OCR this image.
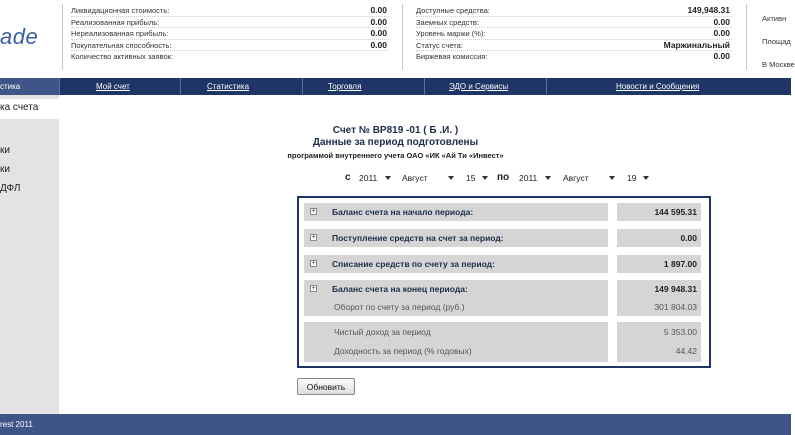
ade
Ликвидационная стоимость:	0.00
Реализованная прибыль:	0.00
Нереализованная прибыль:	0.00
Покупательная способность:	0.00
Количество активных заявок:
Доступные средства:	149,948.31
Заемных средств:	0.00
Уровень маржи (%):	0.00
Статус счета:	Маржинальный
Биржевая комиссия:	0.00
Активн
Площад
В Москве
стика
ка счета
ки
ки
ДФЛ
Мой счет	Статистика	Торговля	ЭДО и Сервисы	Новости и Сообщения
Счет № BP819 -01 ( Б .И. )
Данные за период подготовлены
программой внутреннего учета ОАО «ИК «Ай Ти «Инвест»
с 2011	Август	15	по	2011	Август	19
+ Баланс счета на начало периода:	144 595.31
+ Поступление средств на счет за период:	0.00
+ Списание средств по счету за период:	1 897.00
+ Баланс счета на конец периода:	149 948.31
Оборот по счету за период (руб.)	301 804.03
Чистый доход за период	5 353.00
Доходность за период (% годовых)	44.42
Обновить
rest 2011
